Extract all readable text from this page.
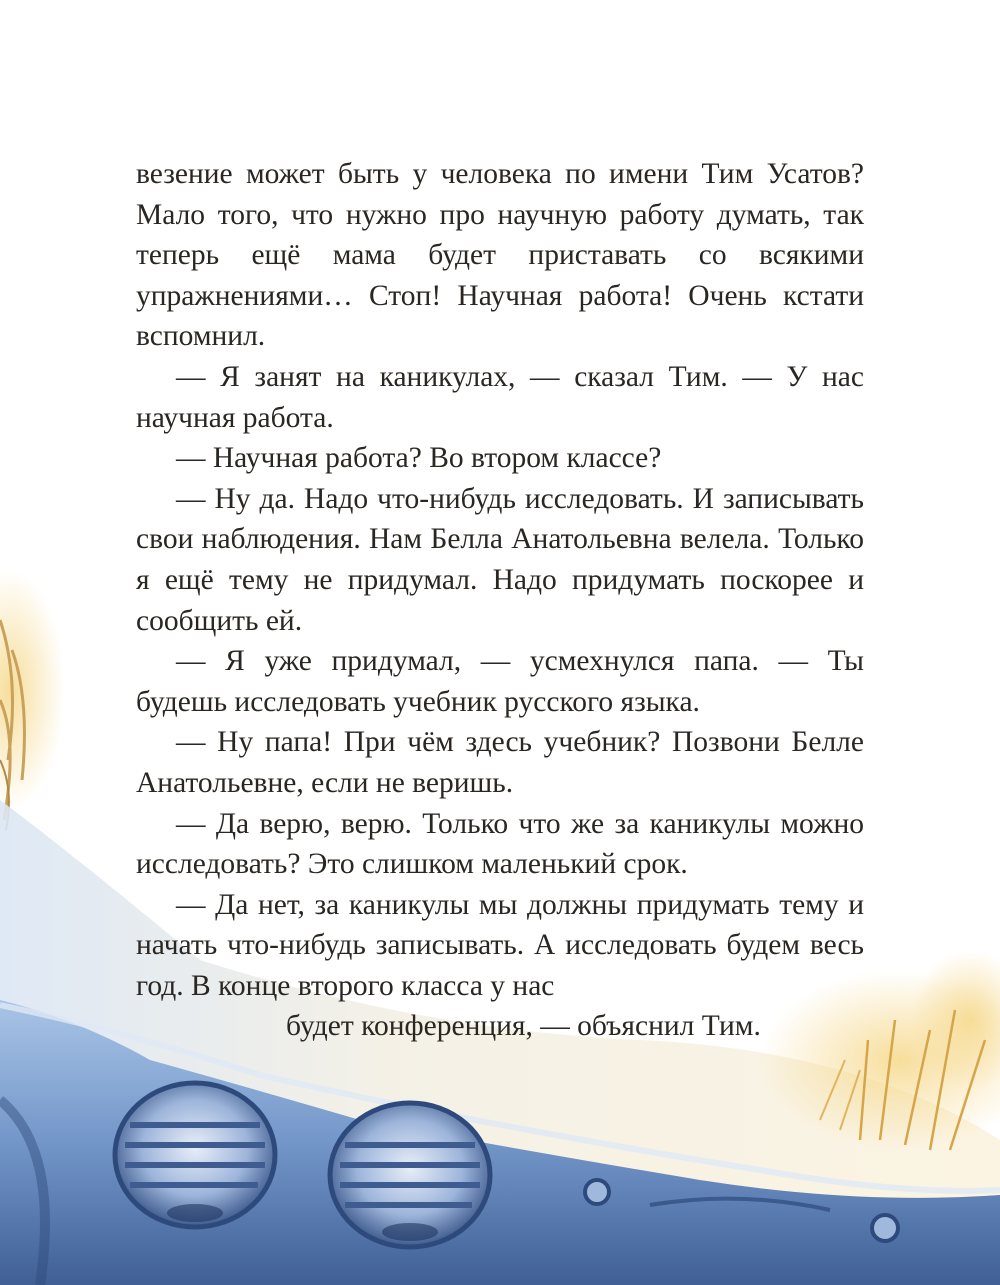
везение может быть у человека по имени Тим Усатов? Мало того, что нужно про научную работу думать, так теперь ещё мама будет приставать со всякими упражнениями… Стоп! Научная работа! Очень кстати вспомнил.

— Я занят на каникулах, — сказал Тим. — У нас научная работа.

— Научная работа? Во втором классе?

— Ну да. Надо что-нибудь исследовать. И записывать свои наблюдения. Нам Белла Анатольевна велела. Только я ещё тему не придумал. Надо придумать поскорее и сообщить ей.

— Я уже придумал, — усмехнулся папа. — Ты будешь исследовать учебник русского языка.

— Ну папа! При чём здесь учебник? Позвони Белле Анатольевне, если не веришь.

— Да верю, верю. Только что же за каникулы можно исследовать? Это слишком маленький срок.

— Да нет, за каникулы мы должны придумать тему и начать что-нибудь записывать. А исследовать будем весь год. В конце второго класса у нас

будет конференция, — объяснил Тим.
